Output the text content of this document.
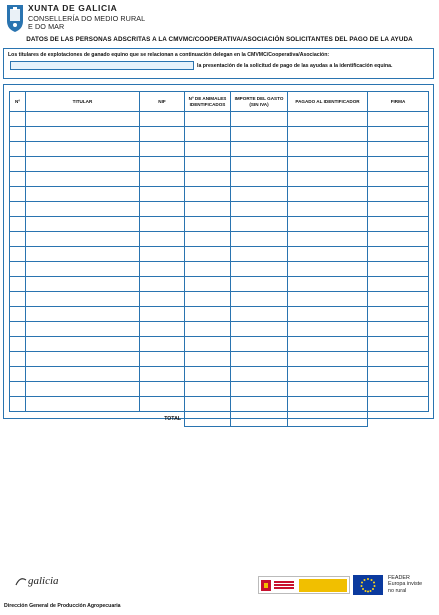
XUNTA DE GALICIA
CONSELLERÍA DO MEDIO RURAL
E DO MAR
DATOS DE LAS PERSONAS ADSCRITAS A LA CMVMC/COOPERATIVA/ASOCIACIÓN SOLICITANTES DEL PAGO DE LA AYUDA
Los titulares de explotaciones de ganado equino que se relacionan a continuación delegan en la CMVMC/Cooperativa/Asociación:
la presentación de la solicitud de pago de las ayudas a la identificación equina.
Nº	TITULAR	NIF	Nº DE ANIMALES IDENTIFICADOS	IMPORTE DEL GASTO (SIN IVA)	PAGADO AL IDENTIFICADOR	FIRMA

TOTAL						
galicia	FEADER
Europa inviste
no rural
Dirección General de Producción Agropecuaria
